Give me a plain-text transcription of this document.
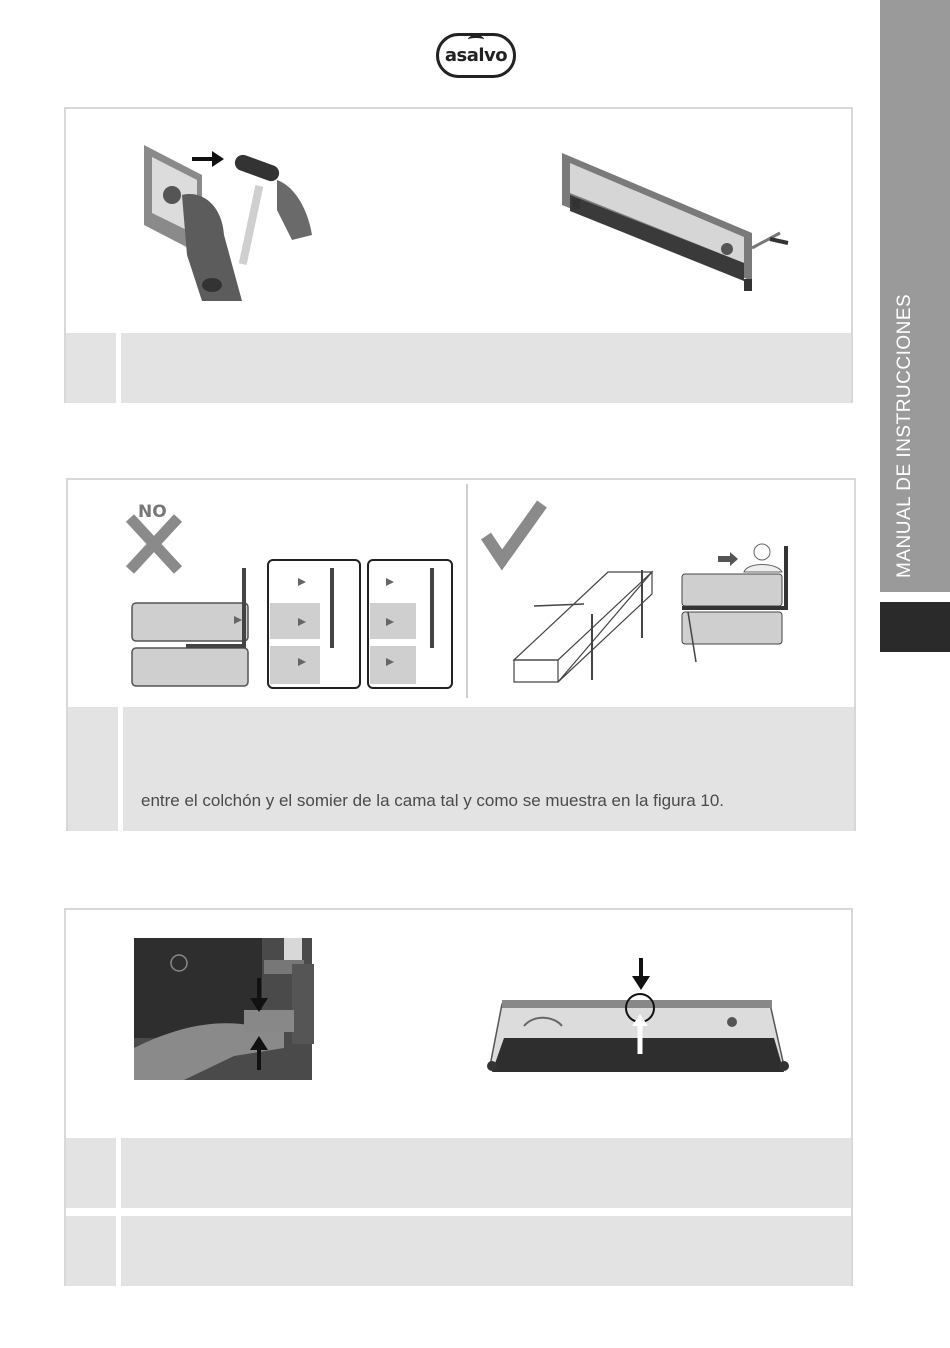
asalvo
MANUAL DE INSTRUCCIONES
NO	SI
entre el colchón y el somier de la cama tal y como se muestra en la figura 10.
